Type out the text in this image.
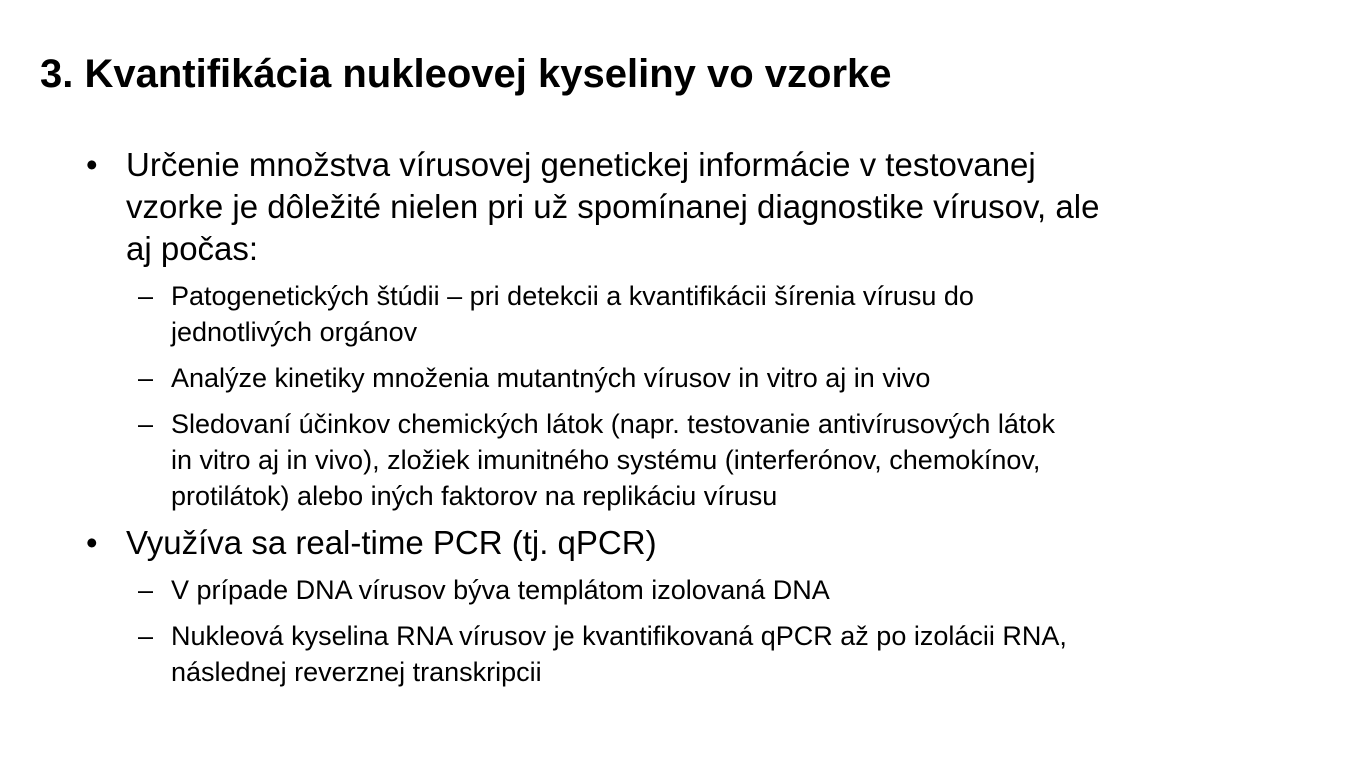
3. Kvantifikácia nukleovej kyseliny vo vzorke
• Určenie množstva vírusovej genetickej informácie v testovanej
vzorke je dôležité nielen pri už spomínanej diagnostike vírusov, ale
aj počas:
– Patogenetických štúdii – pri detekcii a kvantifikácii šírenia vírusu do
jednotlivých orgánov
– Analýze kinetiky množenia mutantných vírusov in vitro aj in vivo
– Sledovaní účinkov chemických látok (napr. testovanie antivírusových látok
in vitro aj in vivo), zložiek imunitného systému (interferónov, chemokínov,
protilátok) alebo iných faktorov na replikáciu vírusu
• Využíva sa real-time PCR (tj. qPCR)
– V prípade DNA vírusov býva templátom izolovaná DNA
– Nukleová kyselina RNA vírusov je kvantifikovaná qPCR až po izolácii RNA,
následnej reverznej transkripcii
